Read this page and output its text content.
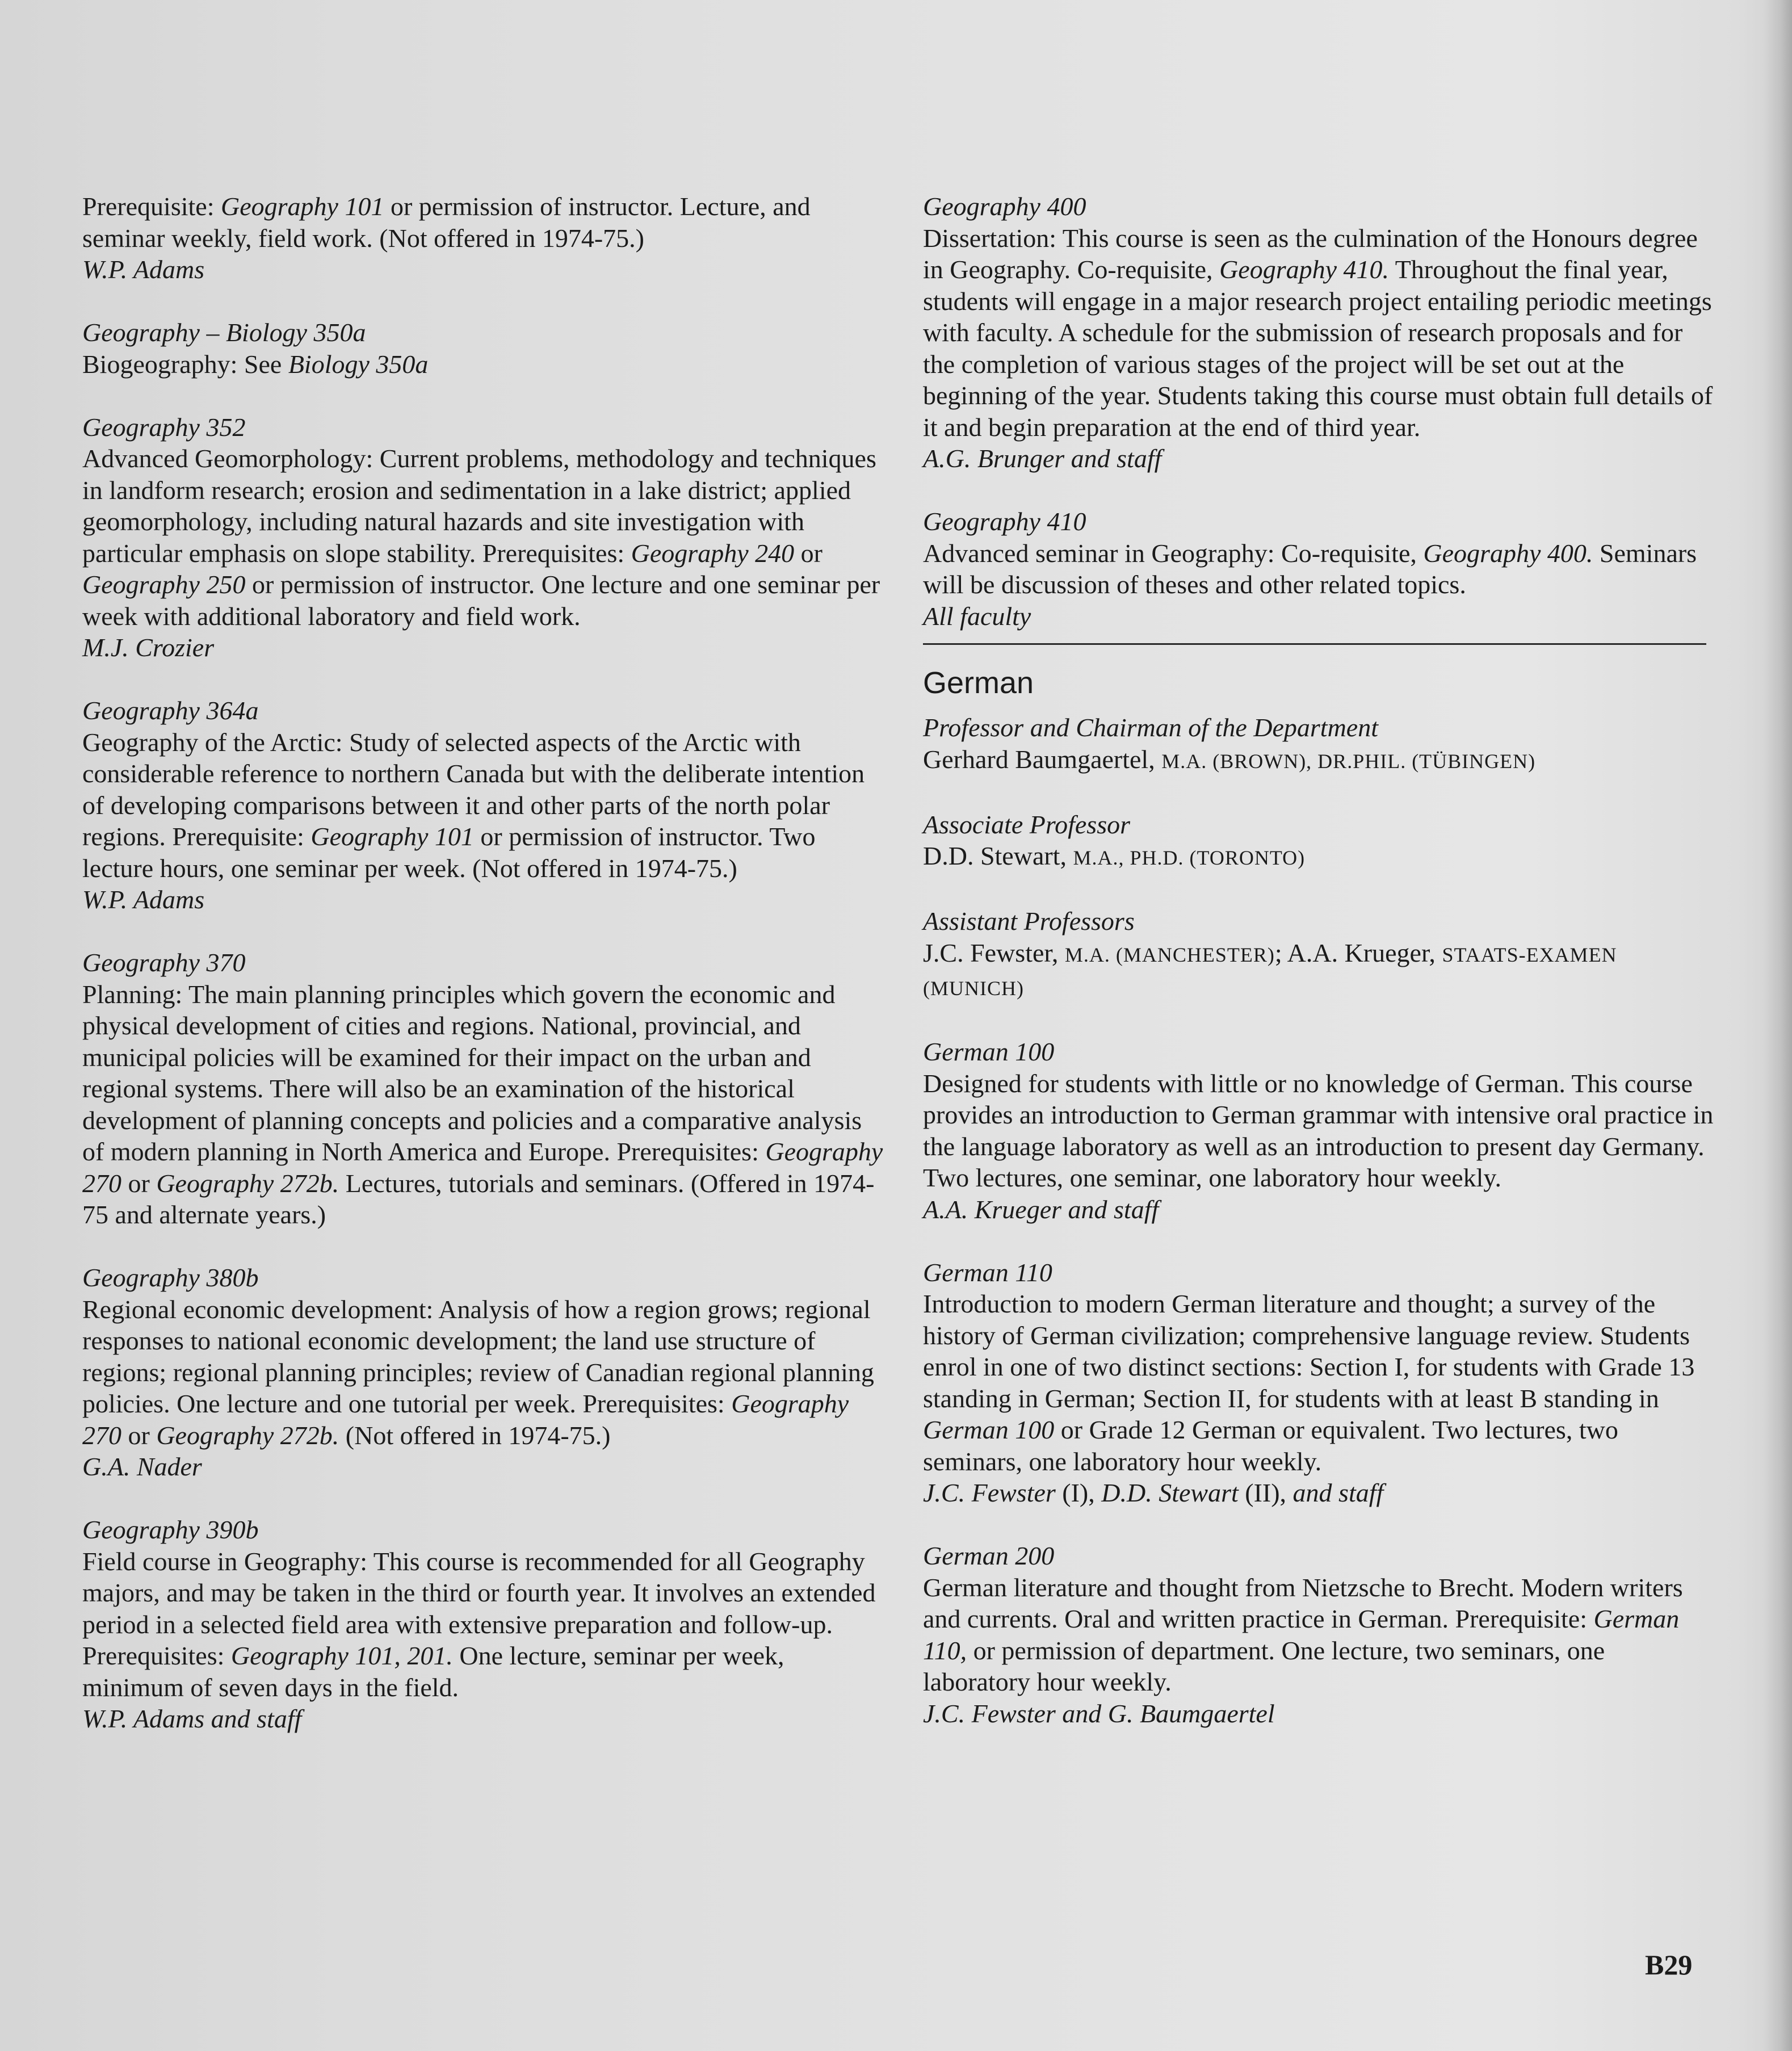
Prerequisite: Geography 101 or permission of instructor. Lecture, and seminar weekly, field work. (Not offered in 1974-75.)

W.P. Adams

Geography – Biology 350a

Biogeography: See Biology 350a

Geography 352

Advanced Geomorphology: Current problems, methodology and techniques in landform research; erosion and sedimentation in a lake district; applied geomorphology, including natural hazards and site investigation with particular emphasis on slope stability. Prerequisites: Geography 240 or Geography 250 or permission of instructor. One lecture and one seminar per week with additional laboratory and field work.

M.J. Crozier

Geography 364a

Geography of the Arctic: Study of selected aspects of the Arctic with considerable reference to northern Canada but with the deliberate intention of developing comparisons between it and other parts of the north polar regions. Prerequisite: Geography 101 or permission of instructor. Two lecture hours, one seminar per week. (Not offered in 1974-75.)

W.P. Adams

Geography 370

Planning: The main planning principles which govern the economic and physical development of cities and regions. National, provincial, and municipal policies will be examined for their impact on the urban and regional systems. There will also be an examination of the historical development of planning concepts and policies and a comparative analysis of modern planning in North America and Europe. Prerequisites: Geography 270 or Geography 272b. Lectures, tutorials and seminars. (Offered in 1974-75 and alternate years.)

Geography 380b

Regional economic development: Analysis of how a region grows; regional responses to national economic development; the land use structure of regions; regional planning principles; review of Canadian regional planning policies. One lecture and one tutorial per week. Prerequisites: Geography 270 or Geography 272b. (Not offered in 1974-75.)

G.A. Nader

Geography 390b

Field course in Geography: This course is recommended for all Geography majors, and may be taken in the third or fourth year. It involves an extended period in a selected field area with extensive preparation and follow-up. Prerequisites: Geography 101, 201. One lecture, seminar per week, minimum of seven days in the field.

W.P. Adams and staff

Geography 400

Dissertation: This course is seen as the culmination of the Honours degree in Geography. Co-requisite, Geography 410. Throughout the final year, students will engage in a major research project entailing periodic meetings with faculty. A schedule for the submission of research proposals and for the completion of various stages of the project will be set out at the beginning of the year. Students taking this course must obtain full details of it and begin preparation at the end of third year.

A.G. Brunger and staff

Geography 410

Advanced seminar in Geography: Co-requisite, Geography 400. Seminars will be discussion of theses and other related topics.

All faculty

German

Professor and Chairman of the Department

Gerhard Baumgaertel, M.A. (BROWN), DR.PHIL. (TÜBINGEN)

Associate Professor

D.D. Stewart, M.A., PH.D. (TORONTO)

Assistant Professors

J.C. Fewster, M.A. (MANCHESTER); A.A. Krueger, STAATS-EXAMEN (MUNICH)

German 100

Designed for students with little or no knowledge of German. This course provides an introduction to German grammar with intensive oral practice in the language laboratory as well as an introduction to present day Germany. Two lectures, one seminar, one laboratory hour weekly.

A.A. Krueger and staff

German 110

Introduction to modern German literature and thought; a survey of the history of German civilization; comprehensive language review. Students enrol in one of two distinct sections: Section I, for students with Grade 13 standing in German; Section II, for students with at least B standing in German 100 or Grade 12 German or equivalent. Two lectures, two seminars, one laboratory hour weekly.

J.C. Fewster (I), D.D. Stewart (II), and staff

German 200

German literature and thought from Nietzsche to Brecht. Modern writers and currents. Oral and written practice in German. Prerequisite: German 110, or permission of department. One lecture, two seminars, one laboratory hour weekly.

J.C. Fewster and G. Baumgaertel

B29
